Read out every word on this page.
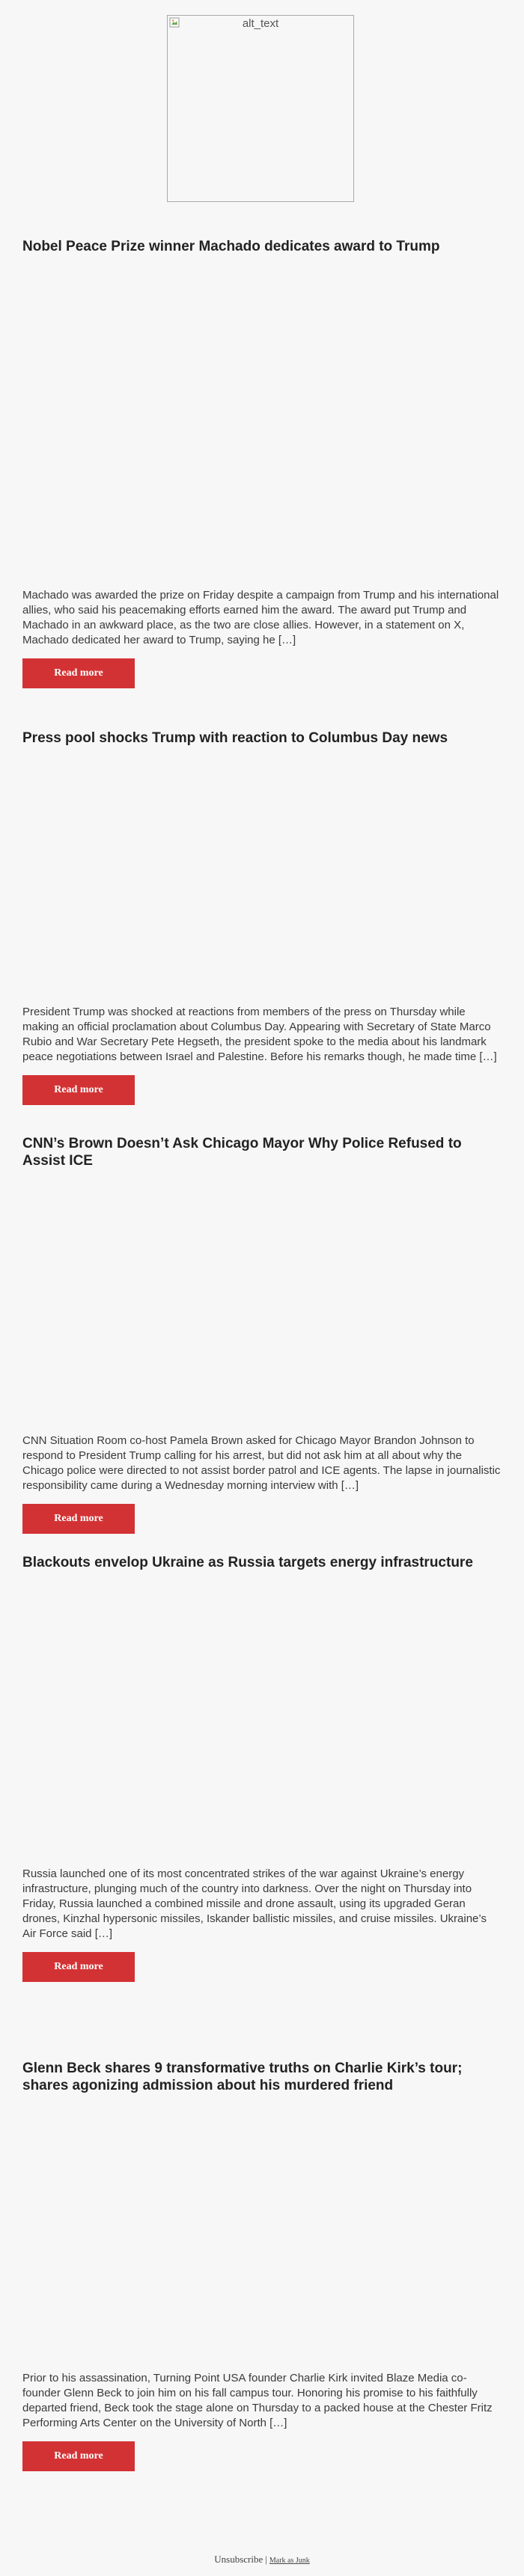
alt_text
Nobel Peace Prize winner Machado dedicates award to Trump

Machado was awarded the prize on Friday despite a campaign from Trump and his international allies, who said his peacemaking efforts earned him the award. The award put Trump and Machado in an awkward place, as the two are close allies. However, in a statement on X, Machado dedicated her award to Trump, saying he […]

Read more
Press pool shocks Trump with reaction to Columbus Day news

President Trump was shocked at reactions from members of the press on Thursday while making an official proclamation about Columbus Day. Appearing with Secretary of State Marco Rubio and War Secretary Pete Hegseth, the president spoke to the media about his landmark peace negotiations between Israel and Palestine. Before his remarks though, he made time […]

Read more
CNN’s Brown Doesn’t Ask Chicago Mayor Why Police Refused to Assist ICE

CNN Situation Room co-host Pamela Brown asked for Chicago Mayor Brandon Johnson to respond to President Trump calling for his arrest, but did not ask him at all about why the Chicago police were directed to not assist border patrol and ICE agents. The lapse in journalistic responsibility came during a Wednesday morning interview with […]

Read more
Blackouts envelop Ukraine as Russia targets energy infrastructure

Russia launched one of its most concentrated strikes of the war against Ukraine’s energy infrastructure, plunging much of the country into darkness. Over the night on Thursday into Friday, Russia launched a combined missile and drone assault, using its upgraded Geran drones, Kinzhal hypersonic missiles, Iskander ballistic missiles, and cruise missiles. Ukraine’s Air Force said […]

Read more
Glenn Beck shares 9 transformative truths on Charlie Kirk’s tour; shares agonizing admission about his murdered friend

Prior to his assassination, Turning Point USA founder Charlie Kirk invited Blaze Media co-founder Glenn Beck to join him on his fall campus tour. Honoring his promise to his faithfully departed friend, Beck took the stage alone on Thursday to a packed house at the Chester Fritz Performing Arts Center on the University of North […]

Read more
Unsubscribe | Mark as Junk
